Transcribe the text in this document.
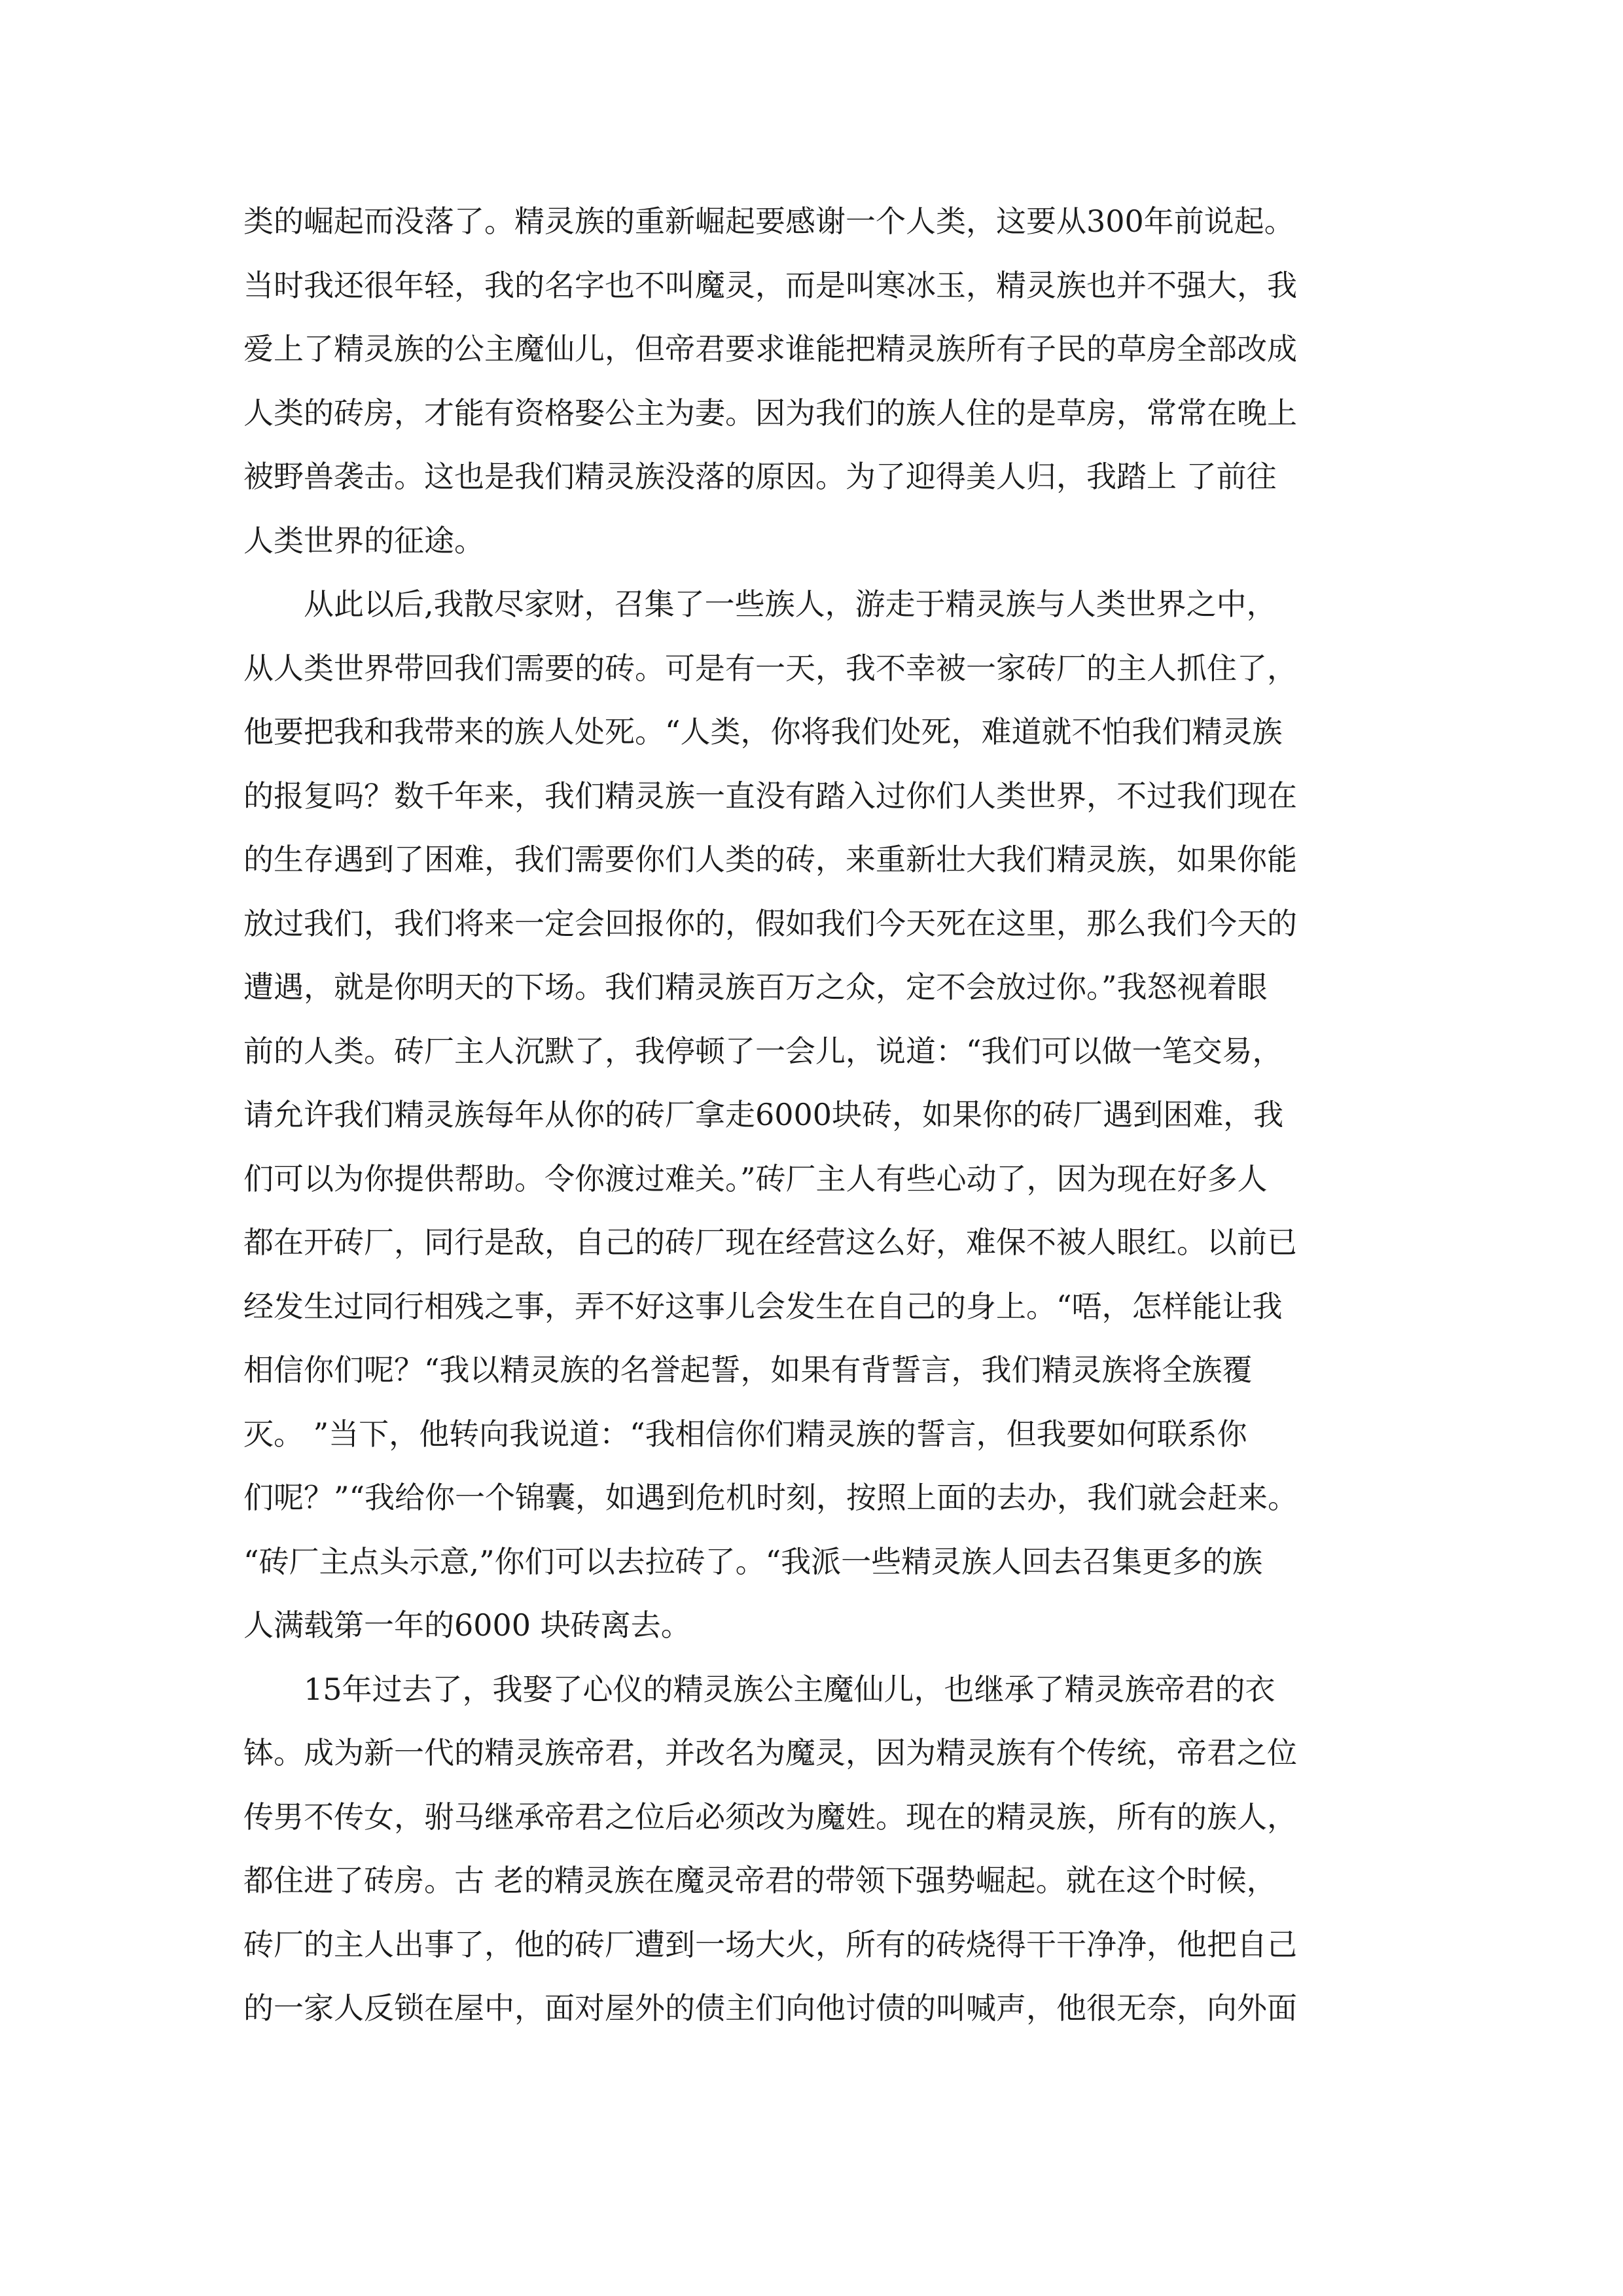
类的崛起而没落了。精灵族的重新崛起要感谢一个人类，这要从300年前说起。
当时我还很年轻，我的名字也不叫魔灵，而是叫寒冰玉，精灵族也并不强大，我
爱上了精灵族的公主魔仙儿，但帝君要求谁能把精灵族所有子民的草房全部改成
人类的砖房，才能有资格娶公主为妻。因为我们的族人住的是草房，常常在晚上
被野兽袭击。这也是我们精灵族没落的原因。为了迎得美人归，我踏上 了前往
人类世界的征途。
从此以后,我散尽家财，召集了一些族人，游走于精灵族与人类世界之中，
从人类世界带回我们需要的砖。可是有一天，我不幸被一家砖厂的主人抓住了，
他要把我和我带来的族人处死。“人类，你将我们处死，难道就不怕我们精灵族
的报复吗？数千年来，我们精灵族一直没有踏入过你们人类世界，不过我们现在
的生存遇到了困难，我们需要你们人类的砖，来重新壮大我们精灵族，如果你能
放过我们，我们将来一定会回报你的，假如我们今天死在这里，那么我们今天的
遭遇，就是你明天的下场。我们精灵族百万之众，定不会放过你。”我怒视着眼
前的人类。砖厂主人沉默了，我停顿了一会儿，说道：“我们可以做一笔交易，
请允许我们精灵族每年从你的砖厂拿走6000块砖，如果你的砖厂遇到困难，我
们可以为你提供帮助。令你渡过难关。”砖厂主人有些心动了，因为现在好多人
都在开砖厂，同行是敌，自己的砖厂现在经营这么好，难保不被人眼红。以前已
经发生过同行相残之事，弄不好这事儿会发生在自己的身上。“唔，怎样能让我
相信你们呢？“我以精灵族的名誉起誓，如果有背誓言，我们精灵族将全族覆
灭。 ”当下，他转向我说道：“我相信你们精灵族的誓言，但我要如何联系你
们呢？”“我给你一个锦囊，如遇到危机时刻，按照上面的去办，我们就会赶来。
“砖厂主点头示意,”你们可以去拉砖了。“我派一些精灵族人回去召集更多的族
人满载第一年的6000 块砖离去。
15年过去了，我娶了心仪的精灵族公主魔仙儿，也继承了精灵族帝君的衣
钵。成为新一代的精灵族帝君，并改名为魔灵，因为精灵族有个传统，帝君之位
传男不传女，驸马继承帝君之位后必须改为魔姓。现在的精灵族，所有的族人，
都住进了砖房。古 老的精灵族在魔灵帝君的带领下强势崛起。就在这个时候，
砖厂的主人出事了，他的砖厂遭到一场大火，所有的砖烧得干干净净，他把自己
的一家人反锁在屋中，面对屋外的债主们向他讨债的叫喊声，他很无奈，向外面
